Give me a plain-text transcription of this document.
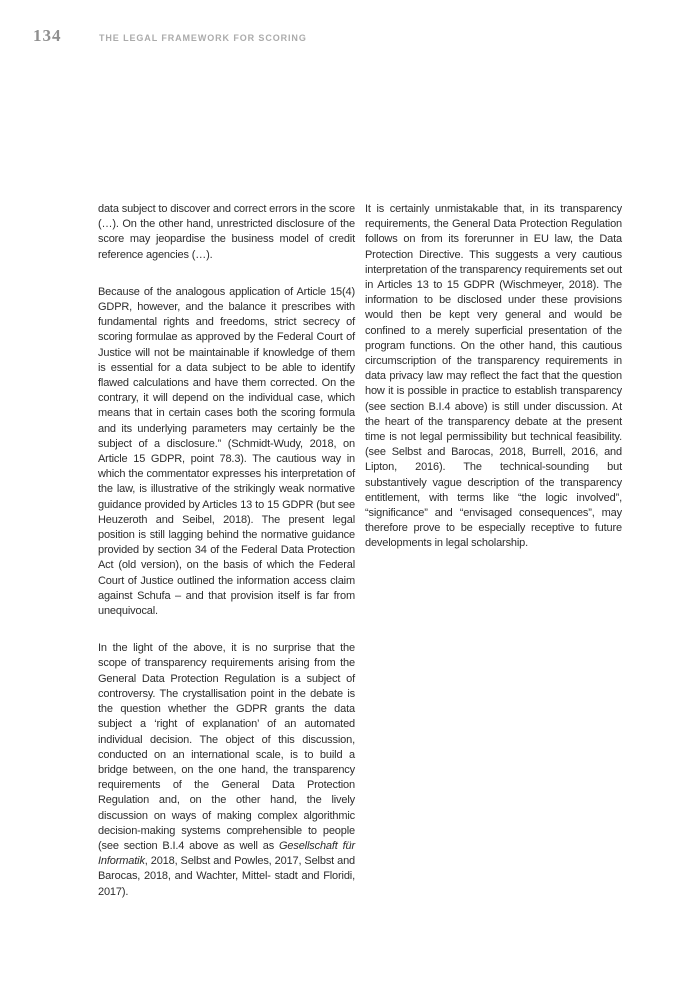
134	THE LEGAL FRAMEWORK FOR SCORING

data subject to discover and correct errors in the score (…). On the other hand, unrestricted disclosure of the score may jeopardise the business model of credit reference agencies (…).

Because of the analogous application of Article 15(4) GDPR, however, and the balance it prescribes with fundamental rights and freedoms, strict secrecy of scoring formulae as approved by the Federal Court of Justice will not be maintainable if knowledge of them is essential for a data subject to be able to identify flawed calculations and have them corrected. On the contrary, it will depend on the individual case, which means that in certain cases both the scoring formula and its underlying parameters may certainly be the subject of a disclosure.” (Schmidt-Wudy, 2018, on Article 15 GDPR, point 78.3). The cautious way in which the commentator expresses his interpretation of the law, is illustrative of the strikingly weak normative guidance provided by Articles 13 to 15 GDPR (but see Heuzeroth and Seibel, 2018). The present legal position is still lagging behind the normative guidance provided by section 34 of the Federal Data Protection Act (old version), on the basis of which the Federal Court of Justice outlined the information access claim against Schufa – and that provision itself is far from unequivocal.

In the light of the above, it is no surprise that the scope of transparency requirements arising from the General Data Protection Regulation is a subject of controversy. The crystallisation point in the debate is the question whether the GDPR grants the data subject a ‘right of explanation’ of an automated individual decision. The object of this discussion, conducted on an international scale, is to build a bridge between, on the one hand, the transparency requirements of the General Data Protection Regulation and, on the other hand, the lively discussion on ways of making complex algorithmic decision-making systems comprehensible to people (see section B.I.4 above as well as Gesellschaft für Informatik, 2018, Selbst and Powles, 2017, Selbst and Barocas, 2018, and Wachter, Mittel- stadt and Floridi, 2017).

It is certainly unmistakable that, in its transparency requirements, the General Data Protection Regulation follows on from its forerunner in EU law, the Data Protection Directive. This suggests a very cautious interpretation of the transparency requirements set out in Articles 13 to 15 GDPR (Wischmeyer, 2018). The information to be disclosed under these provisions would then be kept very general and would be confined to a merely superficial presentation of the program functions. On the other hand, this cautious circumscription of the transparency requirements in data privacy law may reflect the fact that the question how it is possible in practice to establish transparency (see section B.I.4 above) is still under discussion. At the heart of the transparency debate at the present time is not legal permissibility but technical feasibility. (see Selbst and Barocas, 2018, Burrell, 2016, and Lipton, 2016). The technical-sounding but substantively vague description of the transparency entitlement, with terms like “the logic involved”, “significance” and “envisaged consequences”, may therefore prove to be especially receptive to future developments in legal scholarship.
